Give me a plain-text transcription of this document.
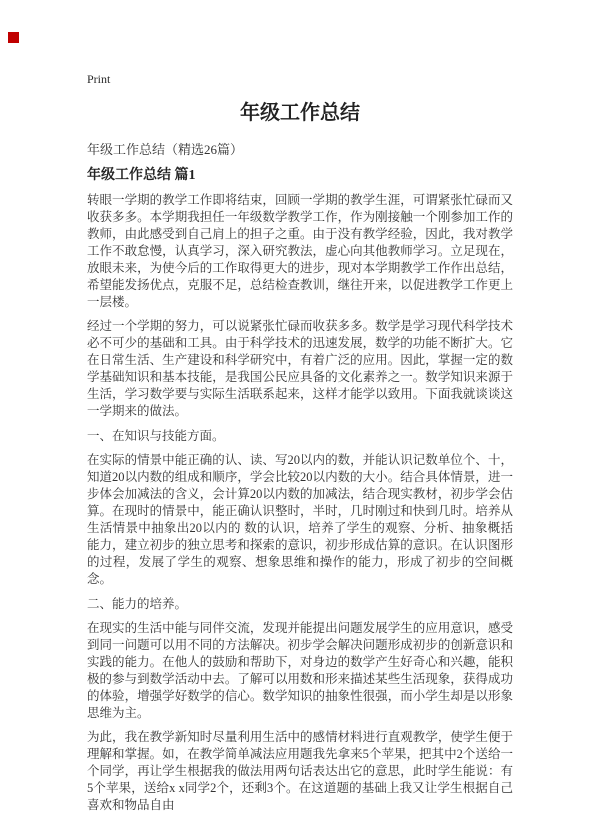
Print
年级工作总结

年级工作总结（精选26篇）

年级工作总结 篇1

转眼一学期的教学工作即将结束，回顾一学期的教学生涯，可谓紧张忙碌而又收获多多。本学期我担任一年级数学教学工作，作为刚接触一个刚参加工作的教师，由此感受到自己肩上的担子之重。由于没有教学经验，因此，我对教学工作不敢怠慢，认真学习，深入研究教法，虚心向其他教师学习。立足现在，放眼未来，为使今后的工作取得更大的进步，现对本学期教学工作作出总结，希望能发扬优点，克服不足，总结检查教训，继往开来，以促进教学工作更上一层楼。

经过一个学期的努力，可以说紧张忙碌而收获多多。数学是学习现代科学技术必不可少的基础和工具。由于科学技术的迅速发展，数学的功能不断扩大。它在日常生活、生产建设和科学研究中，有着广泛的应用。因此，掌握一定的数学基础知识和基本技能，是我国公民应具备的文化素养之一。数学知识来源于生活，学习数学要与实际生活联系起来，这样才能学以致用。下面我就谈谈这一学期来的做法。

一、在知识与技能方面。

在实际的情景中能正确的认、读、写20以内的数，并能认识记数单位个、十，知道20以内数的组成和顺序，学会比较20以内数的大小。结合具体情景，进一步体会加减法的含义，会计算20以内数的加减法，结合现实教材，初步学会估算。在现时的情景中，能正确认识整时，半时，几时刚过和快到几时。培养从生活情景中抽象出20以内的 数的认识，培养了学生的观察、分析、抽象概括能力，建立初步的独立思考和探索的意识，初步形成估算的意识。在认识图形的过程，发展了学生的观察、想象思维和操作的能力，形成了初步的空间概念。

二、能力的培养。

在现实的生活中能与同伴交流，发现并能提出问题发展学生的应用意识，感受到同一问题可以用不同的方法解决。初步学会解决问题形成初步的创新意识和实践的能力。在他人的鼓励和帮助下，对身边的数学产生好奇心和兴趣，能积极的参与到数学活动中去。了解可以用数和形来描述某些生活现象，获得成功的体验，增强学好数学的信心。数学知识的抽象性很强，而小学生却是以形象思维为主。

为此，我在教学新知时尽量利用生活中的感情材料进行直观教学，使学生便于理解和掌握。如，在教学简单减法应用题我先拿来5个苹果，把其中2个送给一个同学，再让学生根据我的做法用两句话表达出它的意思，此时学生能说：有5个苹果，送给x x同学2个，还剩3个。在这道题的基础上我又让学生根据自己喜欢和物品自由
